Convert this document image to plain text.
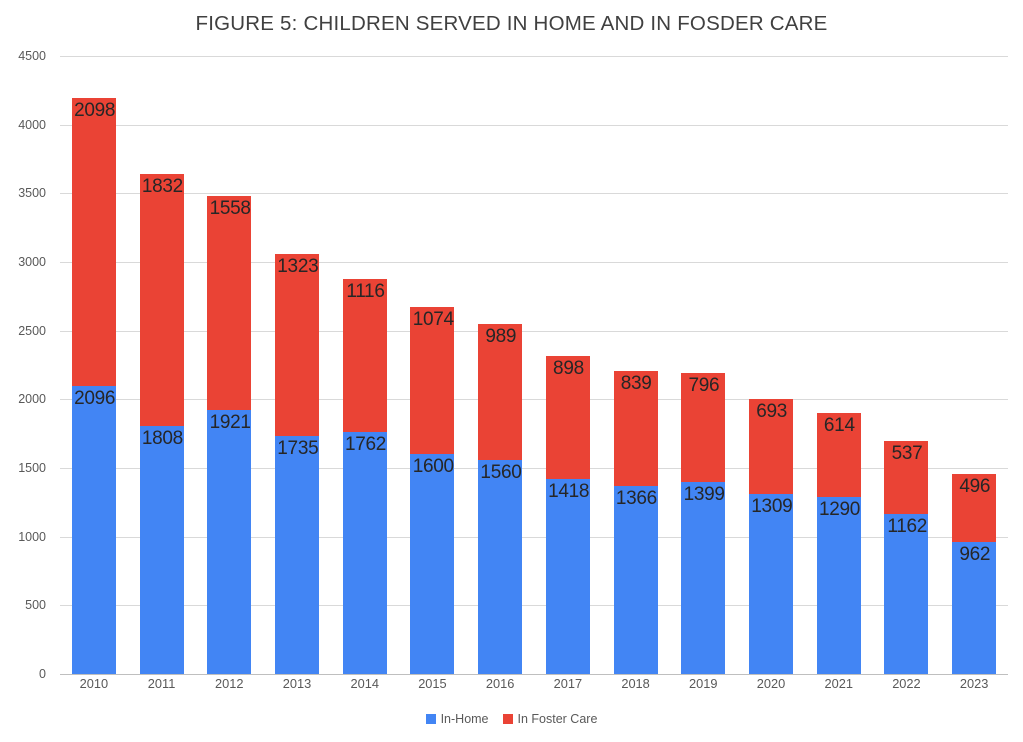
FIGURE 5: CHILDREN SERVED IN HOME AND IN FOSDER CARE
0
500
1000
1500
2000
2500
3000
3500
4000
4500
2096
2098
1808
1832
1921
1558
1735
1323
1762
1116
1600
1074
1560
989
1418
898
1366
839
1399
796
1309
693
1290
614
1162
537
962
496
2010	2011	2012	2013	2014	2015	2016	2017	2018	2019	2020	2021	2022	2023
In-Home In Foster Care
